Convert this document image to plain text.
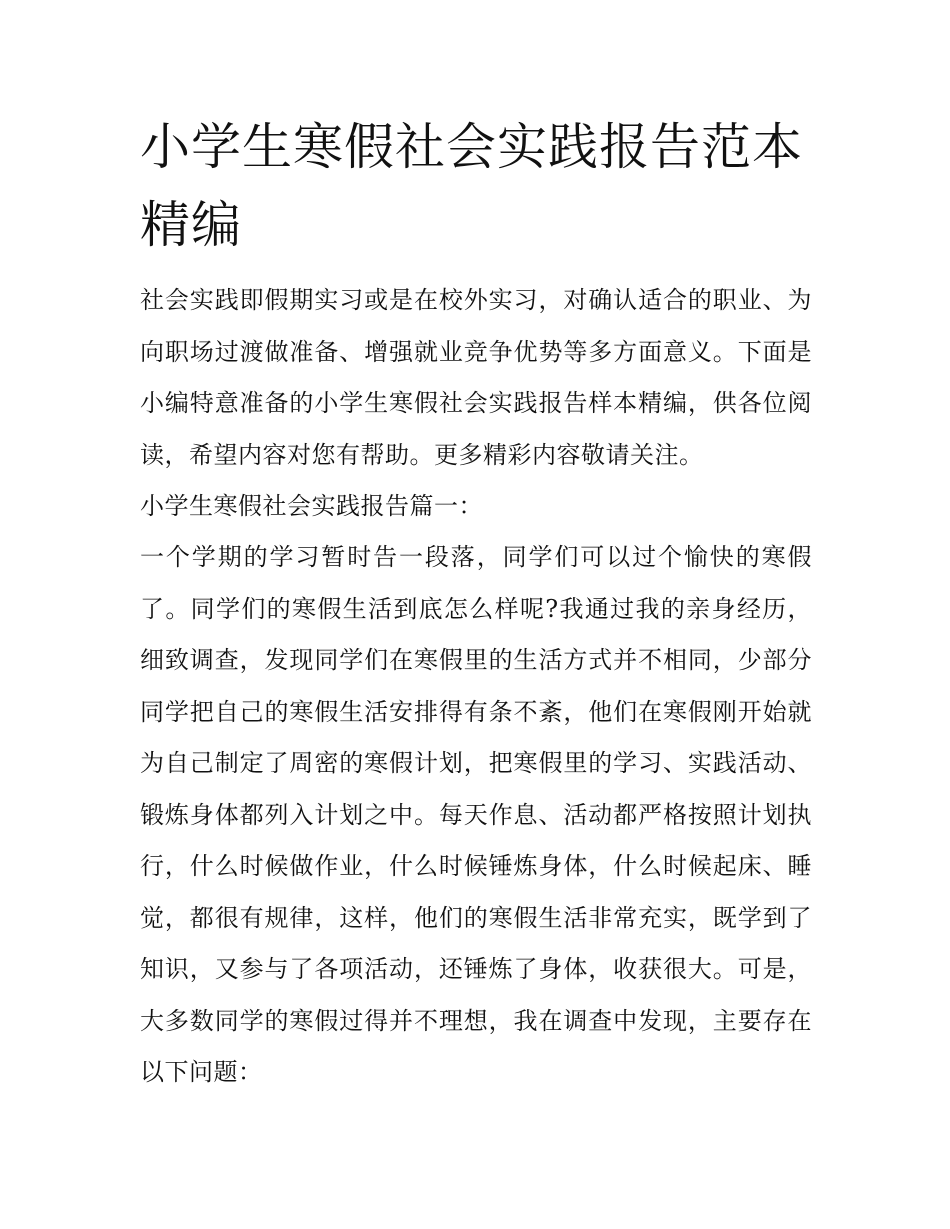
小学生寒假社会实践报告范本精编

社会实践即假期实习或是在校外实习，对确认适合的职业、为向职场过渡做准备、增强就业竞争优势等多方面意义。下面是小编特意准备的小学生寒假社会实践报告样本精编，供各位阅读，希望内容对您有帮助。更多精彩内容敬请关注。

小学生寒假社会实践报告篇一：

一个学期的学习暂时告一段落，同学们可以过个愉快的寒假了。同学们的寒假生活到底怎么样呢?我通过我的亲身经历，细致调查，发现同学们在寒假里的生活方式并不相同，少部分同学把自己的寒假生活安排得有条不紊，他们在寒假刚开始就为自己制定了周密的寒假计划，把寒假里的学习、实践活动、锻炼身体都列入计划之中。每天作息、活动都严格按照计划执行，什么时候做作业，什么时候锤炼身体，什么时候起床、睡觉，都很有规律，这样，他们的寒假生活非常充实，既学到了知识，又参与了各项活动，还锤炼了身体，收获很大。可是，大多数同学的寒假过得并不理想，我在调查中发现，主要存在以下问题：
